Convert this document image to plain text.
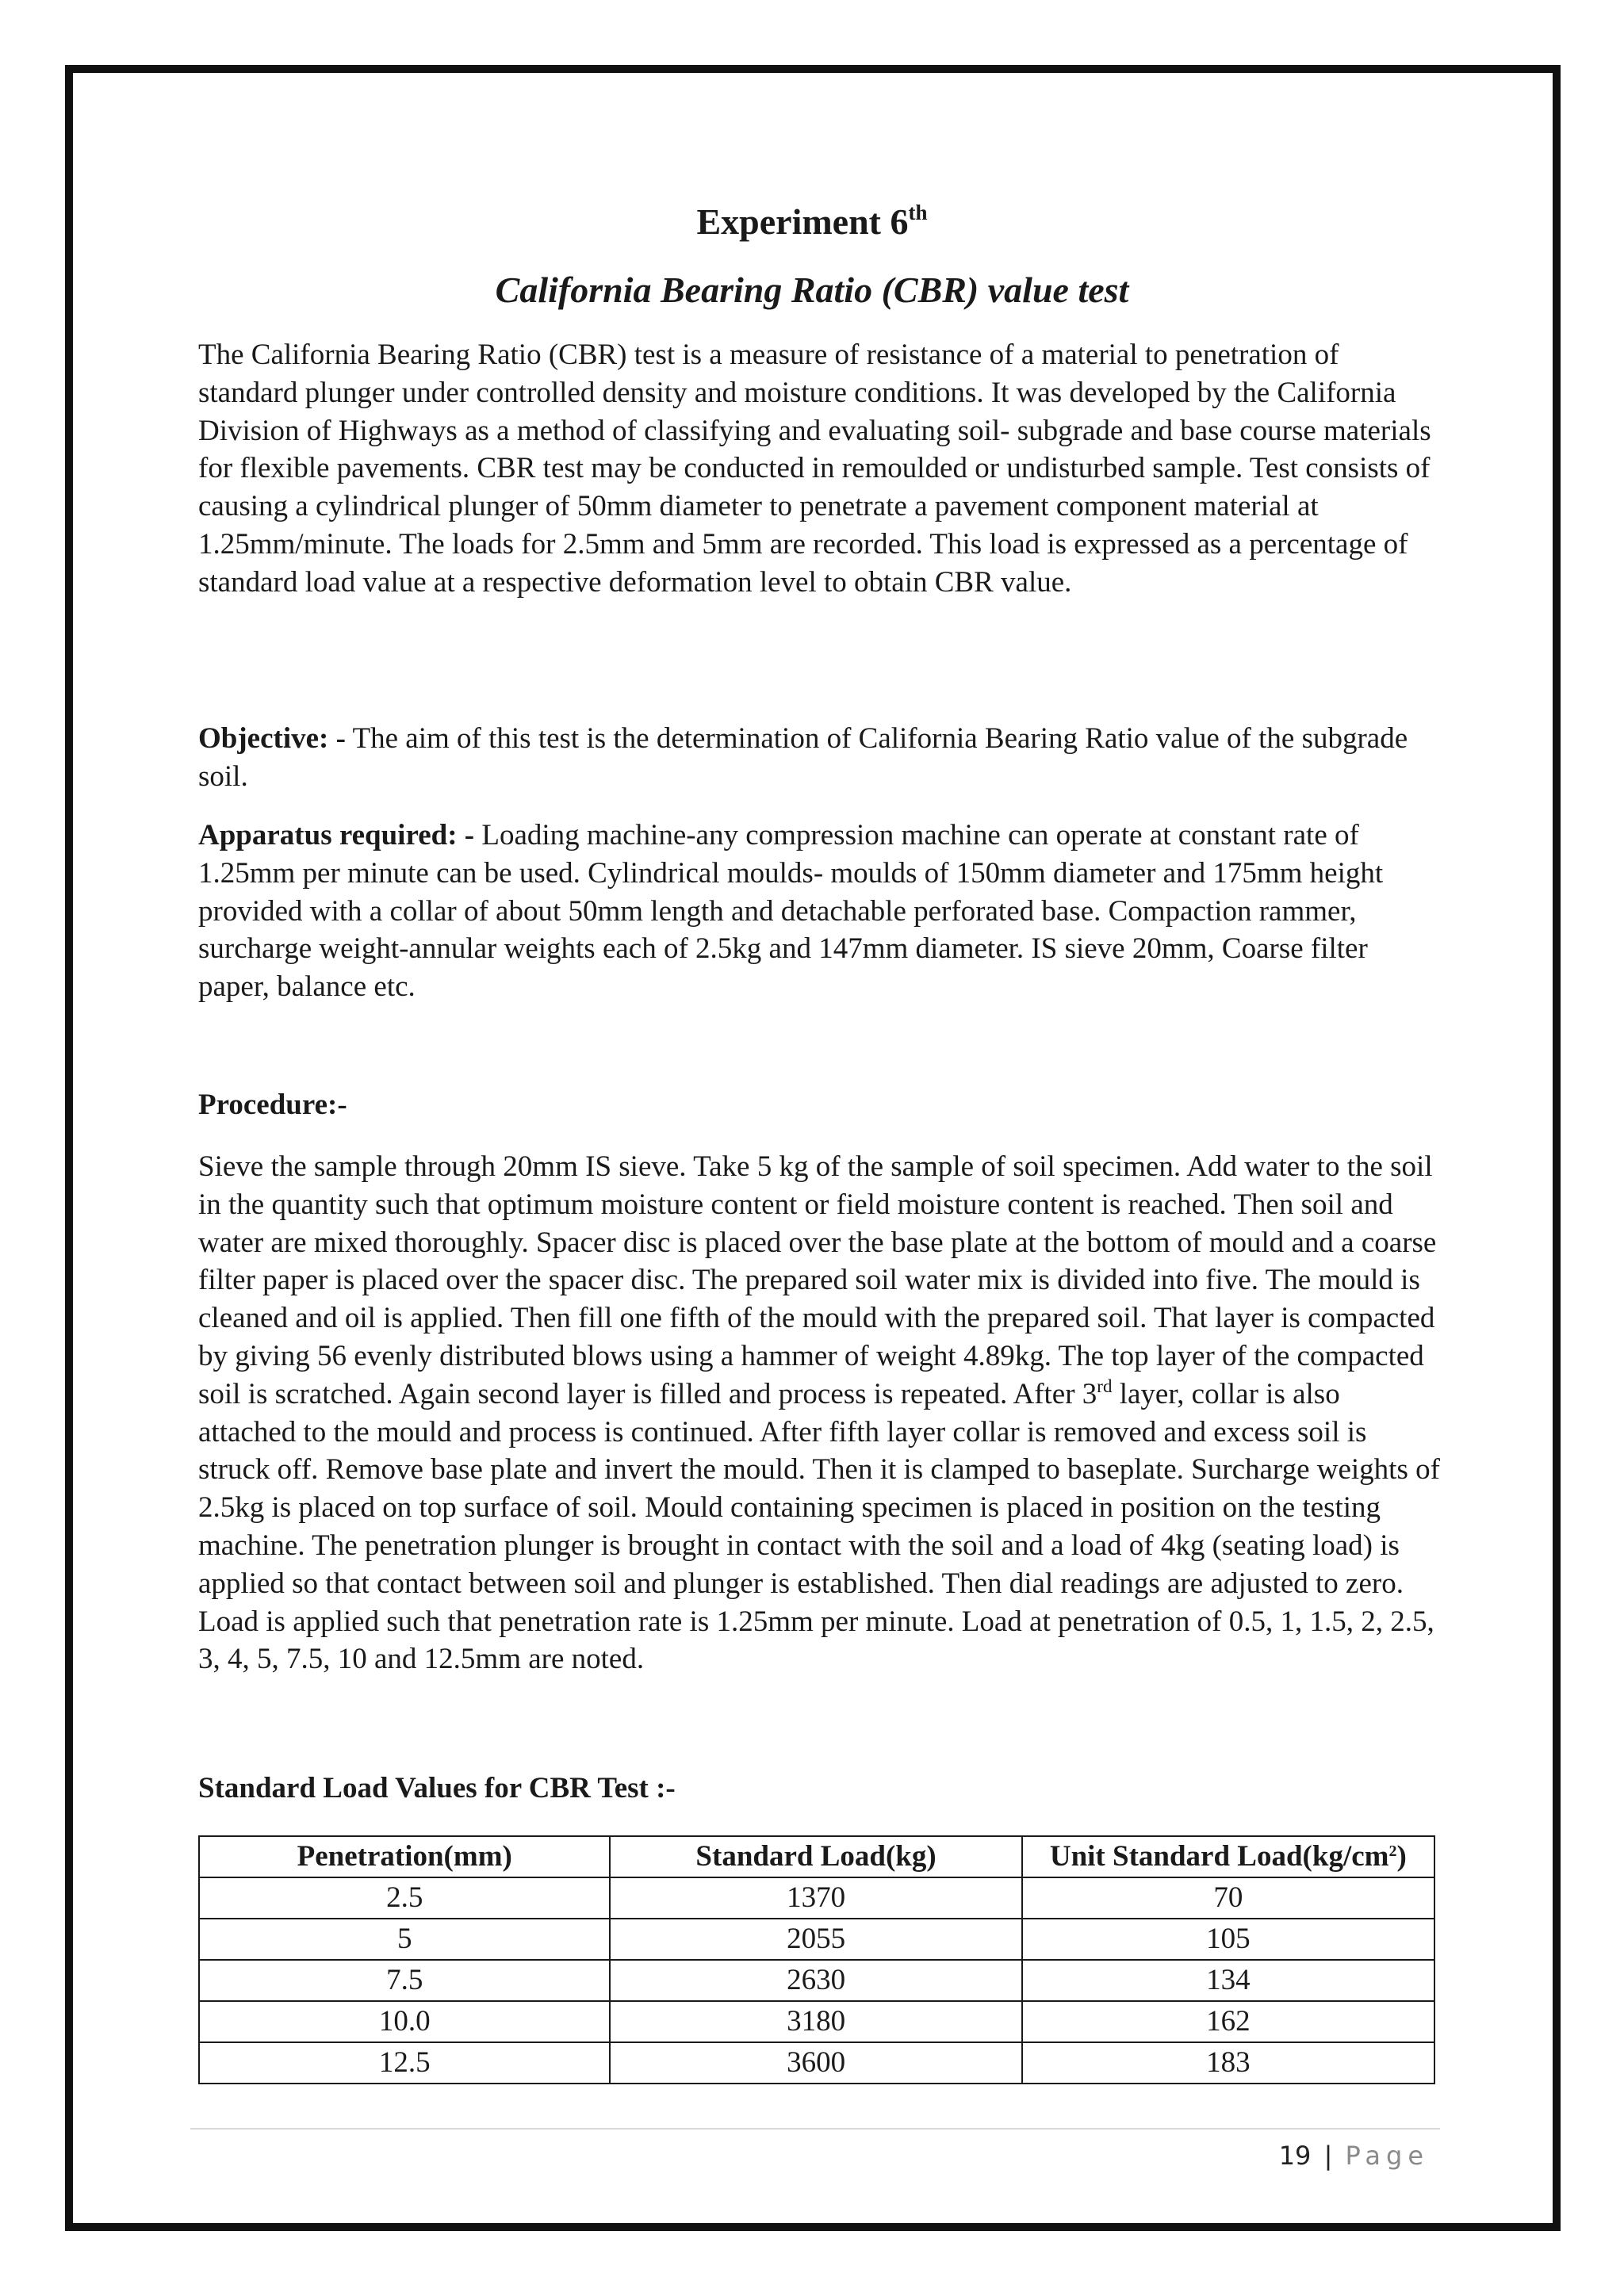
Experiment 6th
California Bearing Ratio (CBR) value test

The California Bearing Ratio (CBR) test is a measure of resistance of a material to penetration of standard plunger under controlled density and moisture conditions. It was developed by the California Division of Highways as a method of classifying and evaluating soil- subgrade and base course materials for flexible pavements. CBR test may be conducted in remoulded or undisturbed sample. Test consists of causing a cylindrical plunger of 50mm diameter to penetrate a pavement component material at 1.25mm/minute. The loads for 2.5mm and 5mm are recorded. This load is expressed as a percentage of standard load value at a respective deformation level to obtain CBR value.

Objective: - The aim of this test is the determination of California Bearing Ratio value of the subgrade soil.

Apparatus required: - Loading machine-any compression machine can operate at constant rate of 1.25mm per minute can be used. Cylindrical moulds- moulds of 150mm diameter and 175mm height provided with a collar of about 50mm length and detachable perforated base. Compaction rammer, surcharge weight-annular weights each of 2.5kg and 147mm diameter. IS sieve 20mm, Coarse filter paper, balance etc.

Procedure:-

Sieve the sample through 20mm IS sieve. Take 5 kg of the sample of soil specimen. Add water to the soil in the quantity such that optimum moisture content or field moisture content is reached. Then soil and water are mixed thoroughly. Spacer disc is placed over the base plate at the bottom of mould and a coarse filter paper is placed over the spacer disc. The prepared soil water mix is divided into five. The mould is cleaned and oil is applied. Then fill one fifth of the mould with the prepared soil. That layer is compacted by giving 56 evenly distributed blows using a hammer of weight 4.89kg. The top layer of the compacted soil is scratched. Again second layer is filled and process is repeated. After 3rd layer, collar is also attached to the mould and process is continued. After fifth layer collar is removed and excess soil is struck off. Remove base plate and invert the mould. Then it is clamped to baseplate. Surcharge weights of 2.5kg is placed on top surface of soil. Mould containing specimen is placed in position on the testing machine. The penetration plunger is brought in contact with the soil and a load of 4kg (seating load) is applied so that contact between soil and plunger is established. Then dial readings are adjusted to zero. Load is applied such that penetration rate is 1.25mm per minute. Load at penetration of 0.5, 1, 1.5, 2, 2.5, 3, 4, 5, 7.5, 10 and 12.5mm are noted.

Standard Load Values for CBR Test :-

Penetration(mm)	Standard Load(kg)	Unit Standard $Load(kg/cm^2)$
2.5	1370	70
5	2055	105
7.5	2630	134
10.0	3180	162
12.5	3600	183
19 | Page
